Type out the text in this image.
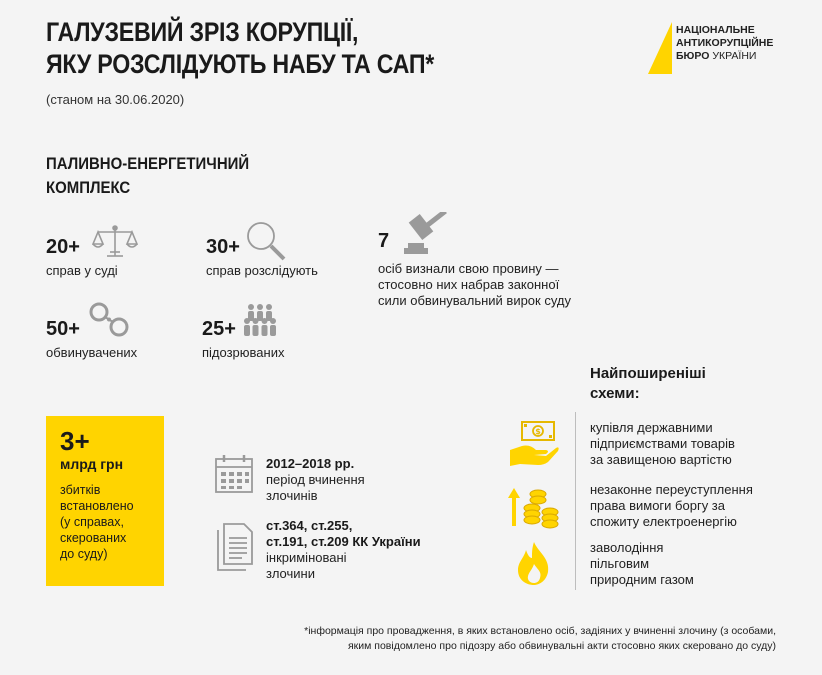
ГАЛУЗЕВИЙ ЗРІЗ КОРУПЦІЇ,
ЯКУ РОЗСЛІДУЮТЬ НАБУ ТА САП*
(станом на 30.06.2020)
НАЦІОНАЛЬНЕ
АНТИКОРУПЦІЙНЕ
БЮРО УКРАЇНИ
ПАЛИВНО-ЕНЕРГЕТИЧНИЙ
КОМПЛЕКС
20+
справ у суді
30+
справ розслідують
7
осіб визнали свою провину —
стосовно них набрав законної
сили обвинувальний вирок суду
50+
обвинувачених
25+
підозрюваних
3+
млрд грн
збитків
встановлено
(у справах,
скерованих
до суду)
2012–2018 рр.
період вчинення
злочинів
ст.364, ст.255,
ст.191, ст.209 КК України
інкриміновані
злочини
Найпоширеніші
схеми:
$	купівля державними
підприємствами товарів
за завищеною вартістю
незаконне переуступлення
права вимоги боргу за
спожиту електроенергію
заволодіння
пільговим
природним газом
*інформація про провадження, в яких встановлено осіб, задіяних у вчиненні злочину (з особами,
яким повідомлено про підозру або обвинувальні акти стосовно яких скеровано до суду)
